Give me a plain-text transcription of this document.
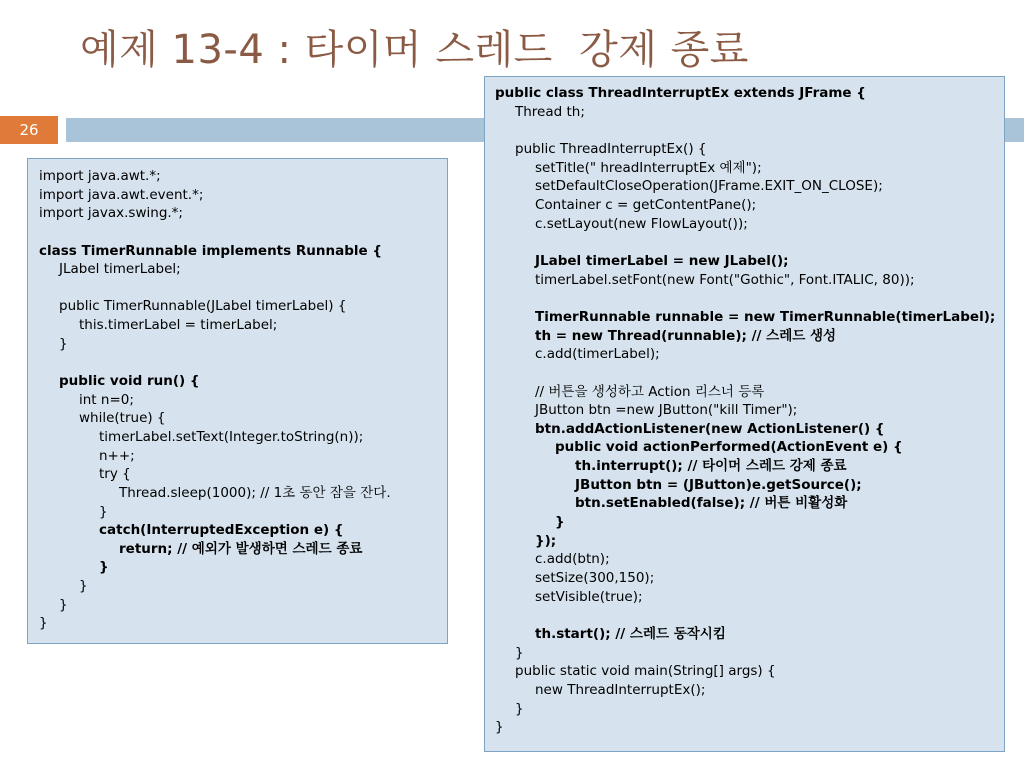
예제 13-4 : 타이머 스레드  강제 종료
26
import java.awt.*;
import java.awt.event.*;
import javax.swing.*;
class TimerRunnable implements Runnable {
JLabel timerLabel;
public TimerRunnable(JLabel timerLabel) {
this.timerLabel = timerLabel;
}
public void run() {
int n=0;
while(true) {
timerLabel.setText(Integer.toString(n));
n++;
try {
Thread.sleep(1000); // 1초 동안 잠을 잔다.
}
catch(InterruptedException e) {
return; // 예외가 발생하면 스레드 종료
}
}
}
}
public class ThreadInterruptEx extends JFrame {
Thread th;
public ThreadInterruptEx() {
setTitle(" hreadInterruptEx 예제");
setDefaultCloseOperation(JFrame.EXIT_ON_CLOSE);
Container c = getContentPane();
c.setLayout(new FlowLayout());
JLabel timerLabel = new JLabel();
timerLabel.setFont(new Font("Gothic", Font.ITALIC, 80));
TimerRunnable runnable = new TimerRunnable(timerLabel);
th = new Thread(runnable); // 스레드 생성
c.add(timerLabel);
// 버튼을 생성하고 Action 리스너 등록
JButton btn =new JButton("kill Timer");
btn.addActionListener(new ActionListener() {
public void actionPerformed(ActionEvent e) {
th.interrupt(); // 타이머 스레드 강제 종료
JButton btn = (JButton)e.getSource();
btn.setEnabled(false); // 버튼 비활성화
}
});
c.add(btn);
setSize(300,150);
setVisible(true);
th.start(); // 스레드 동작시킴
}
public static void main(String[] args) {
new ThreadInterruptEx();
}
}
